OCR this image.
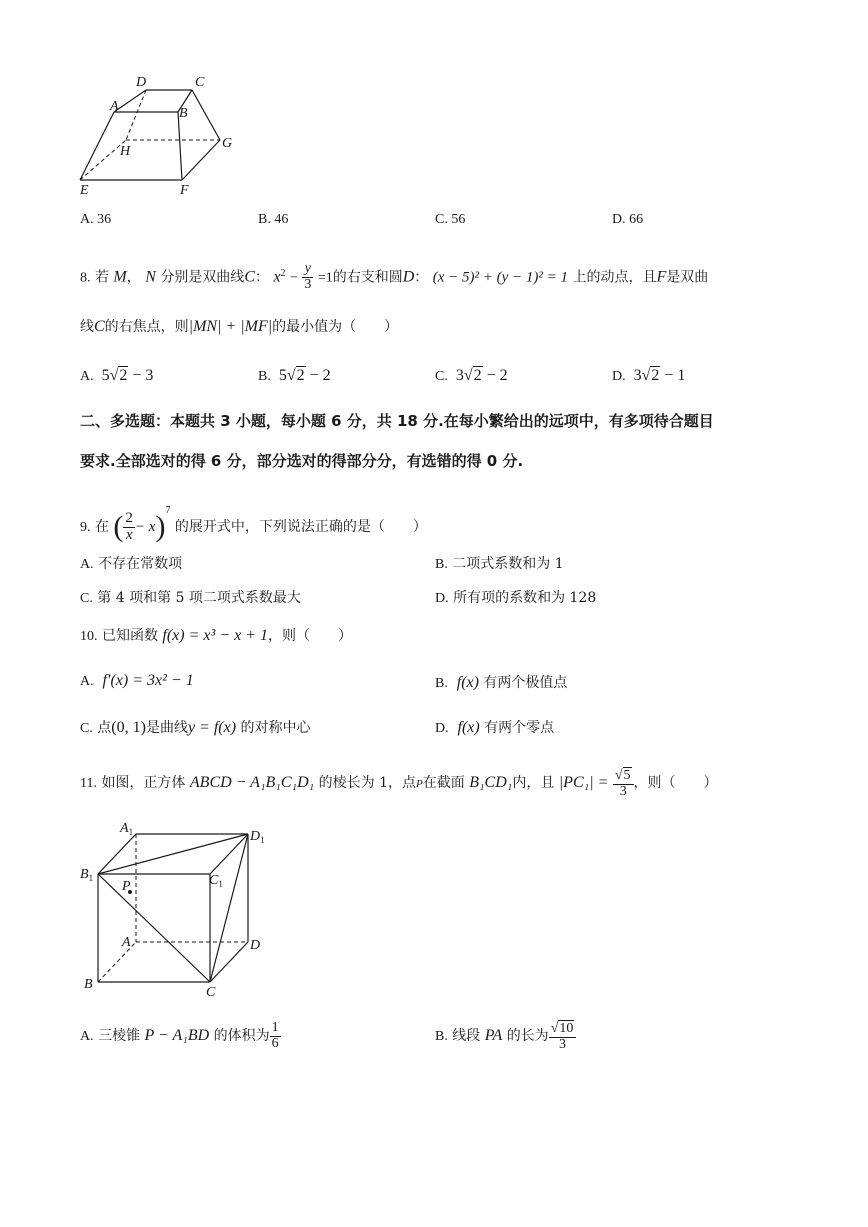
D	C
A	B
H
G
E	F
A. 36	B. 46	C. 56	D. 66
8. 若 M， N 分别是双曲线C： $x^2 - \frac{y}{3} =1$的右支和圆D： (x − 5)² + (y − 1)² = 1 上的动点，且F是双曲
线C的右焦点，则|MN| + |MF|的最小值为（　　）
A. 5√2 − 3	B. 5√2 − 2	C. 3√2 − 2	D. 3√2 − 1
二、多选题：本题共 3 小题，每小题 6 分，共 18 分.在每小繁给出的远项中，有多项待合题目
要求.全部选对的得 6 分，部分选对的得部分分，有选错的得 0 分.
9. 在 ( $\frac{2}{x} - x)^7$ 的展开式中，下列说法正确的是（　　）
A. 不存在常数项	B. 二项式系数和为 1
C. 第 4 项和第 5 项二项式系数最大	D. 所有项的系数和为 128
10. 已知函数 f(x) = x³ − x + 1，则（　　）
A. f′(x) = 3x² − 1	B. f(x) 有两个极值点
C. 点(0, 1)是曲线y = f(x) 的对称中心	D. f(x) 有两个零点
11. 如图，正方体 ABCD − A₁B₁C₁D₁ 的棱长为 1，点P在截面 B₁CD₁内，且 $|PC_1| = \frac{√5}{3}$ ，则（　　）
$A_1$	$D_1$
$B_1$	$C_1$
P
A	D
B
C
A. 三棱锥 P − A₁BD 的体积为 $\frac{1}{6}$	B. 线段 PA 的长为 $\frac{√10}{3}$
